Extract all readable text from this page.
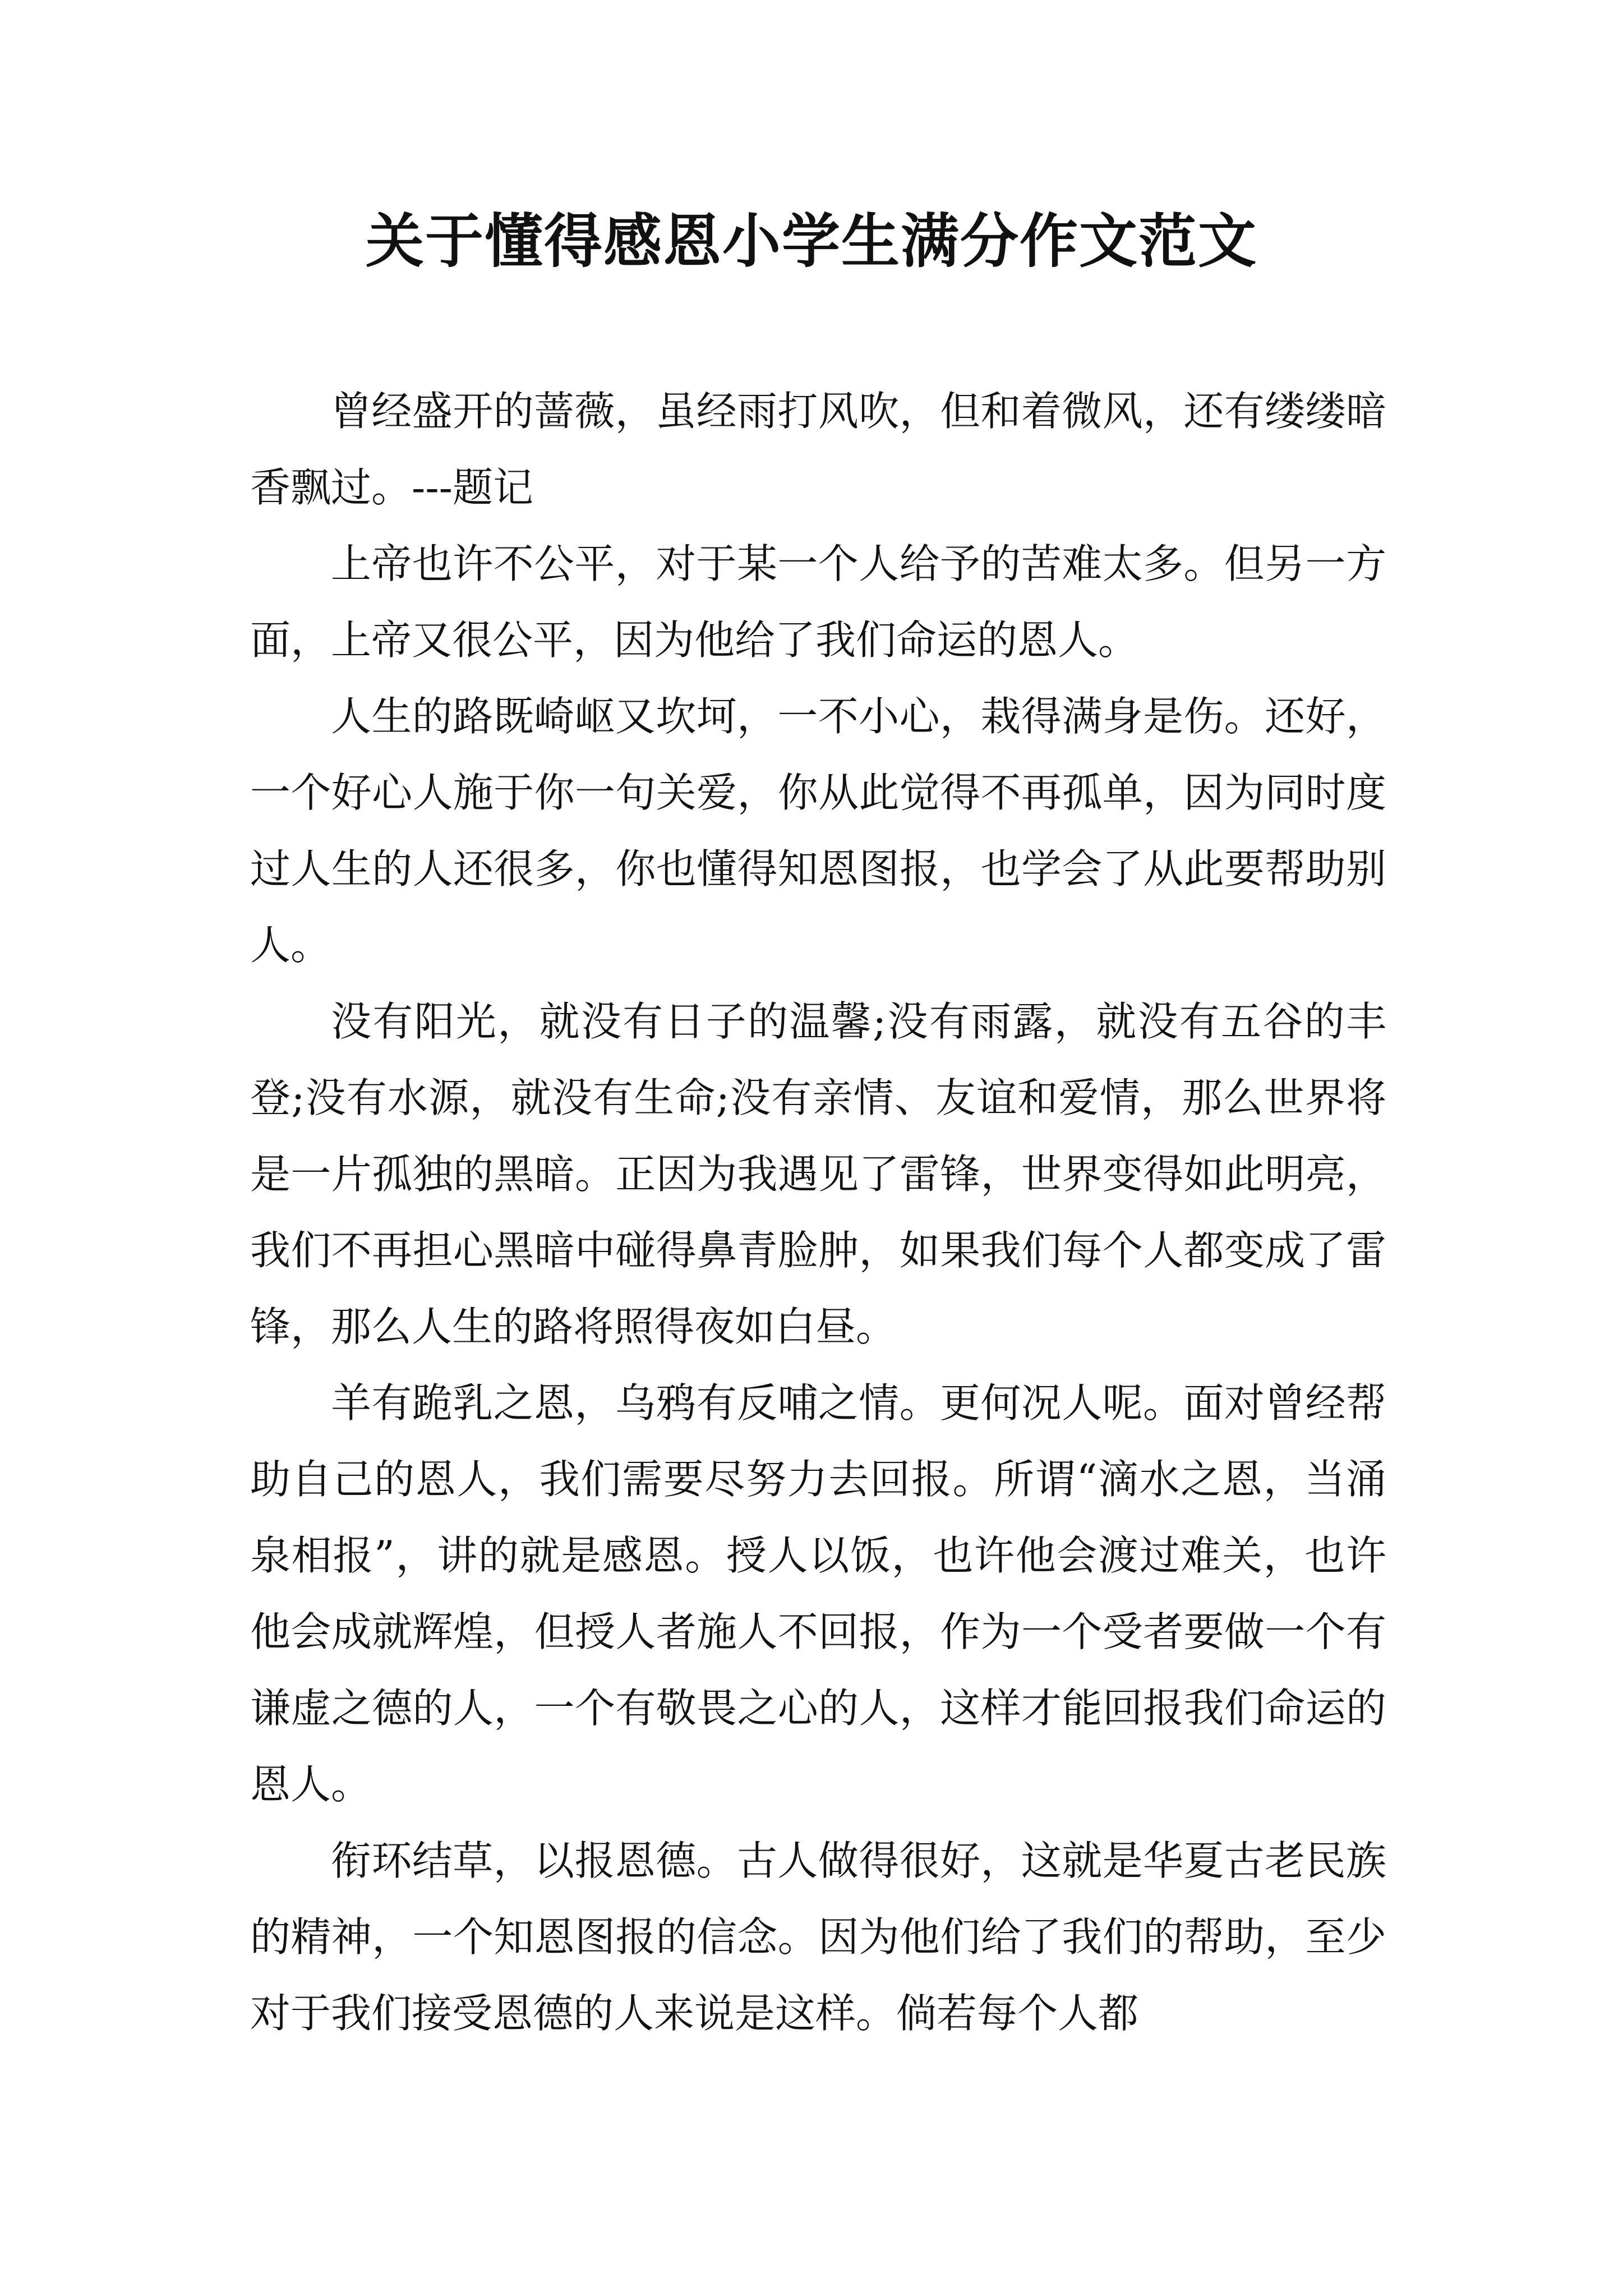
关于懂得感恩小学生满分作文范文

曾经盛开的蔷薇，虽经雨打风吹，但和着微风，还有缕缕暗香飘过。---题记

上帝也许不公平，对于某一个人给予的苦难太多。但另一方面，上帝又很公平，因为他给了我们命运的恩人。

人生的路既崎岖又坎坷，一不小心，栽得满身是伤。还好，一个好心人施于你一句关爱，你从此觉得不再孤单，因为同时度过人生的人还很多，你也懂得知恩图报，也学会了从此要帮助别人。

没有阳光，就没有日子的温馨;没有雨露，就没有五谷的丰登;没有水源，就没有生命;没有亲情、友谊和爱情，那么世界将是一片孤独的黑暗。正因为我遇见了雷锋，世界变得如此明亮，我们不再担心黑暗中碰得鼻青脸肿，如果我们每个人都变成了雷锋，那么人生的路将照得夜如白昼。

羊有跪乳之恩，乌鸦有反哺之情。更何况人呢。面对曾经帮助自己的恩人，我们需要尽努力去回报。所谓“滴水之恩，当涌泉相报”，讲的就是感恩。授人以饭，也许他会渡过难关，也许他会成就辉煌，但授人者施人不回报，作为一个受者要做一个有谦虚之德的人，一个有敬畏之心的人，这样才能回报我们命运的恩人。

衔环结草，以报恩德。古人做得很好，这就是华夏古老民族的精神，一个知恩图报的信念。因为他们给了我们的帮助，至少对于我们接受恩德的人来说是这样。倘若每个人都
